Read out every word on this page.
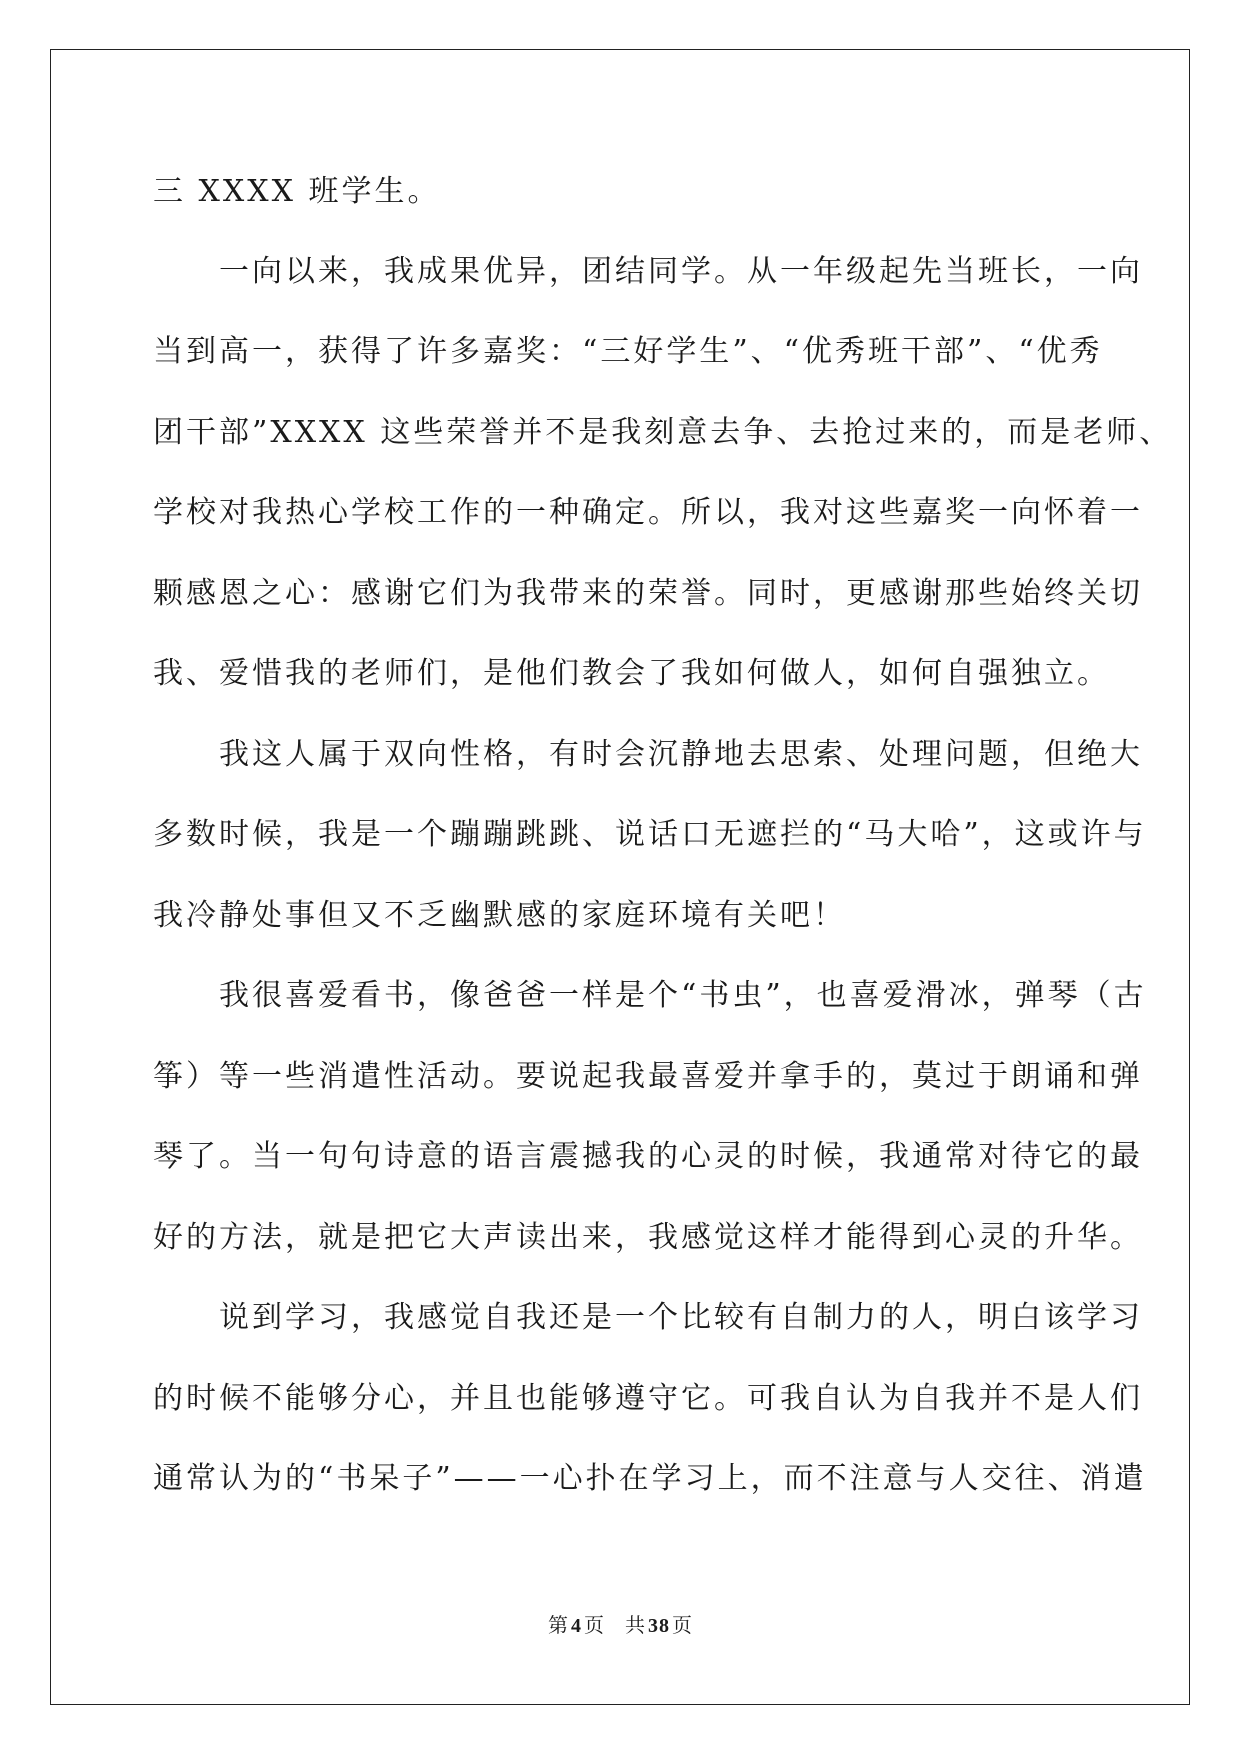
三 XXXX 班学生。
　　一向以来，我成果优异，团结同学。从一年级起先当班长，一向
当到高一，获得了许多嘉奖：“三好学生”、“优秀班干部”、“优秀
团干部”XXXX 这些荣誉并不是我刻意去争、去抢过来的，而是老师、
学校对我热心学校工作的一种确定。所以，我对这些嘉奖一向怀着一
颗感恩之心：感谢它们为我带来的荣誉。同时，更感谢那些始终关切
我、爱惜我的老师们，是他们教会了我如何做人，如何自强独立。
　　我这人属于双向性格，有时会沉静地去思索、处理问题，但绝大
多数时候，我是一个蹦蹦跳跳、说话口无遮拦的“马大哈”，这或许与
我冷静处事但又不乏幽默感的家庭环境有关吧！
　　我很喜爱看书，像爸爸一样是个“书虫”，也喜爱滑冰，弹琴（古
筝）等一些消遣性活动。要说起我最喜爱并拿手的，莫过于朗诵和弹
琴了。当一句句诗意的语言震撼我的心灵的时候，我通常对待它的最
好的方法，就是把它大声读出来，我感觉这样才能得到心灵的升华。
　　说到学习，我感觉自我还是一个比较有自制力的人，明白该学习
的时候不能够分心，并且也能够遵守它。可我自认为自我并不是人们
通常认为的“书呆子”——一心扑在学习上，而不注意与人交往、消遣
第 4 页 共 38 页
